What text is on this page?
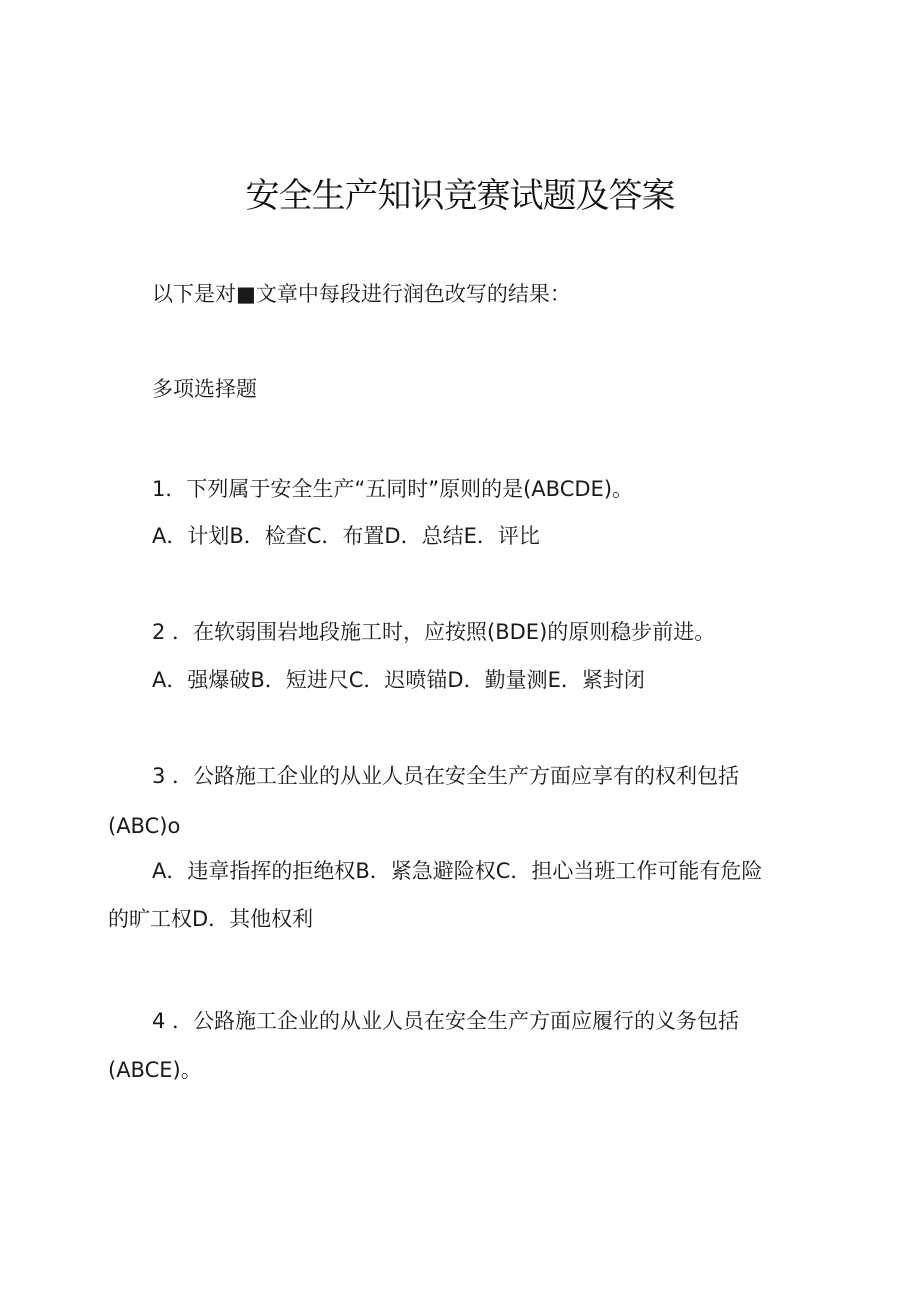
安全生产知识竞赛试题及答案
以下是对■文章中每段进行润色改写的结果：
多项选择题
1．下列属于安全生产“五同时”原则的是(ABCDE)。
A．计划B．检查C．布置D．总结E．评比
2 ．在软弱围岩地段施工时，应按照(BDE)的原则稳步前进。
A．强爆破B．短进尺C．迟喷锚D．勤量测E．紧封闭
3 ．公路施工企业的从业人员在安全生产方面应享有的权利包括
(ABC)o
A．违章指挥的拒绝权B．紧急避险权C．担心当班工作可能有危险
的旷工权D．其他权利
4 ．公路施工企业的从业人员在安全生产方面应履行的义务包括
(ABCE)。
